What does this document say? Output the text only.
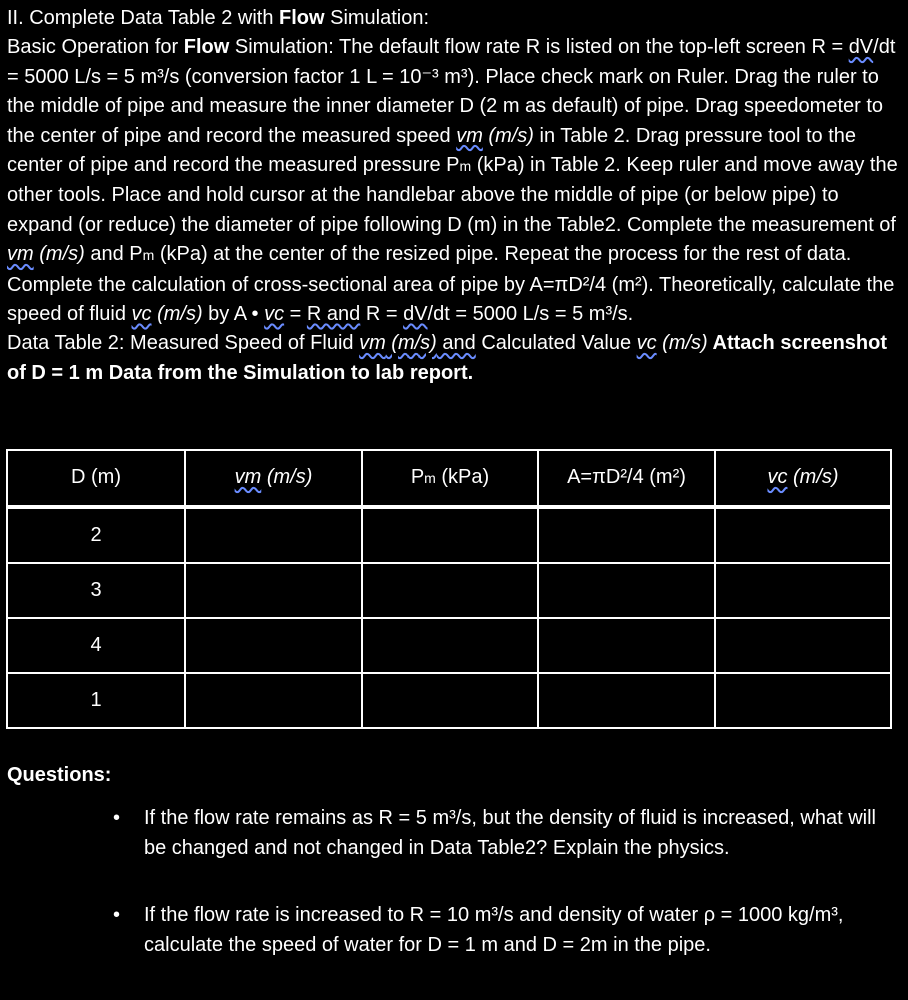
II. Complete Data Table 2 with Flow Simulation:

Basic Operation for Flow Simulation: The default flow rate R is listed on the top-left screen R = dV/dt = 5000 L/s = 5 m³/s (conversion factor 1 L = 10⁻³ m³). Place check mark on Ruler. Drag the ruler to the middle of pipe and measure the inner diameter D (2 m as default) of pipe. Drag speedometer to the center of pipe and record the measured speed vm (m/s) in Table 2. Drag pressure tool to the center of pipe and record the measured pressure Pm (kPa) in Table 2. Keep ruler and move away the other tools. Place and hold cursor at the handlebar above the middle of pipe (or below pipe) to expand (or reduce) the diameter of pipe following D (m) in the Table2. Complete the measurement of vm (m/s) and Pm (kPa) at the center of the resized pipe. Repeat the process for the rest of data.

Complete the calculation of cross-sectional area of pipe by A=πD²/4 (m²). Theoretically, calculate the speed of fluid vc (m/s) by A • vc = R and R = dV/dt = 5000 L/s = 5 m³/s.

Data Table 2: Measured Speed of Fluid vm (m/s) and Calculated Value vc (m/s) Attach screenshot of D = 1 m Data from the Simulation to lab report.

D (m)	vm (m/s)	Pm (kPa)	A=πD²/4 (m²)	vc (m/s)

2				
3				
4				
1				
Questions:
• If the flow rate remains as R = 5 m³/s, but the density of fluid is increased, what will be changed and not changed in Data Table2? Explain the physics.
• If the flow rate is increased to R = 10 m³/s and density of water ρ = 1000 kg/m³, calculate the speed of water for D = 1 m and D = 2m in the pipe.
